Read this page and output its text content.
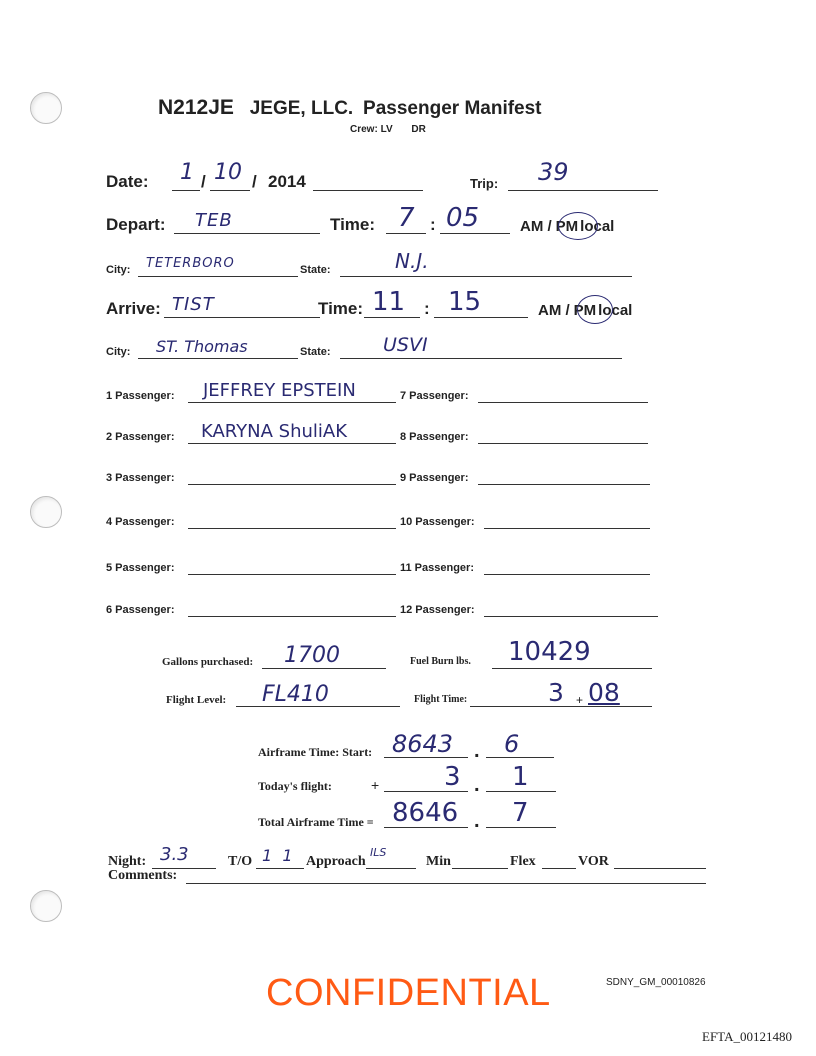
N212JE JEGE, LLC. Passenger Manifest
Crew: LV DR
Date: 1 / 10 / 2014	Trip: 39
Depart: TEB	Time: 7 : 05	AM / PM local
City: TETERBORO	State:	N.J.
Arrive: TIST	Time: 11 : 15	AM / PM local
City: ST. Thomas	State:	USVI
1 Passenger: JEFFREY EPSTEIN
2 Passenger: KARYNA ShuliAK
3 Passenger:
4 Passenger:
5 Passenger:
6 Passenger:
7 Passenger:
8 Passenger:
9 Passenger:
10 Passenger:
11 Passenger:
12 Passenger:
Gallons purchased: 1700	Fuel Burn lbs. 10429
Flight Level: FL410	Flight Time:	3 + 08
Airframe Time: Start: 8643 . 6
Today's flight:	+ 3 . 1
Total Airframe Time = 8646 . 7
Night: 3.3	T/O 1  1 Approach
ILS
Min	Flex	VOR
Comments:
CONFIDENTIAL	SDNY_GM_00010826
EFTA_00121480
